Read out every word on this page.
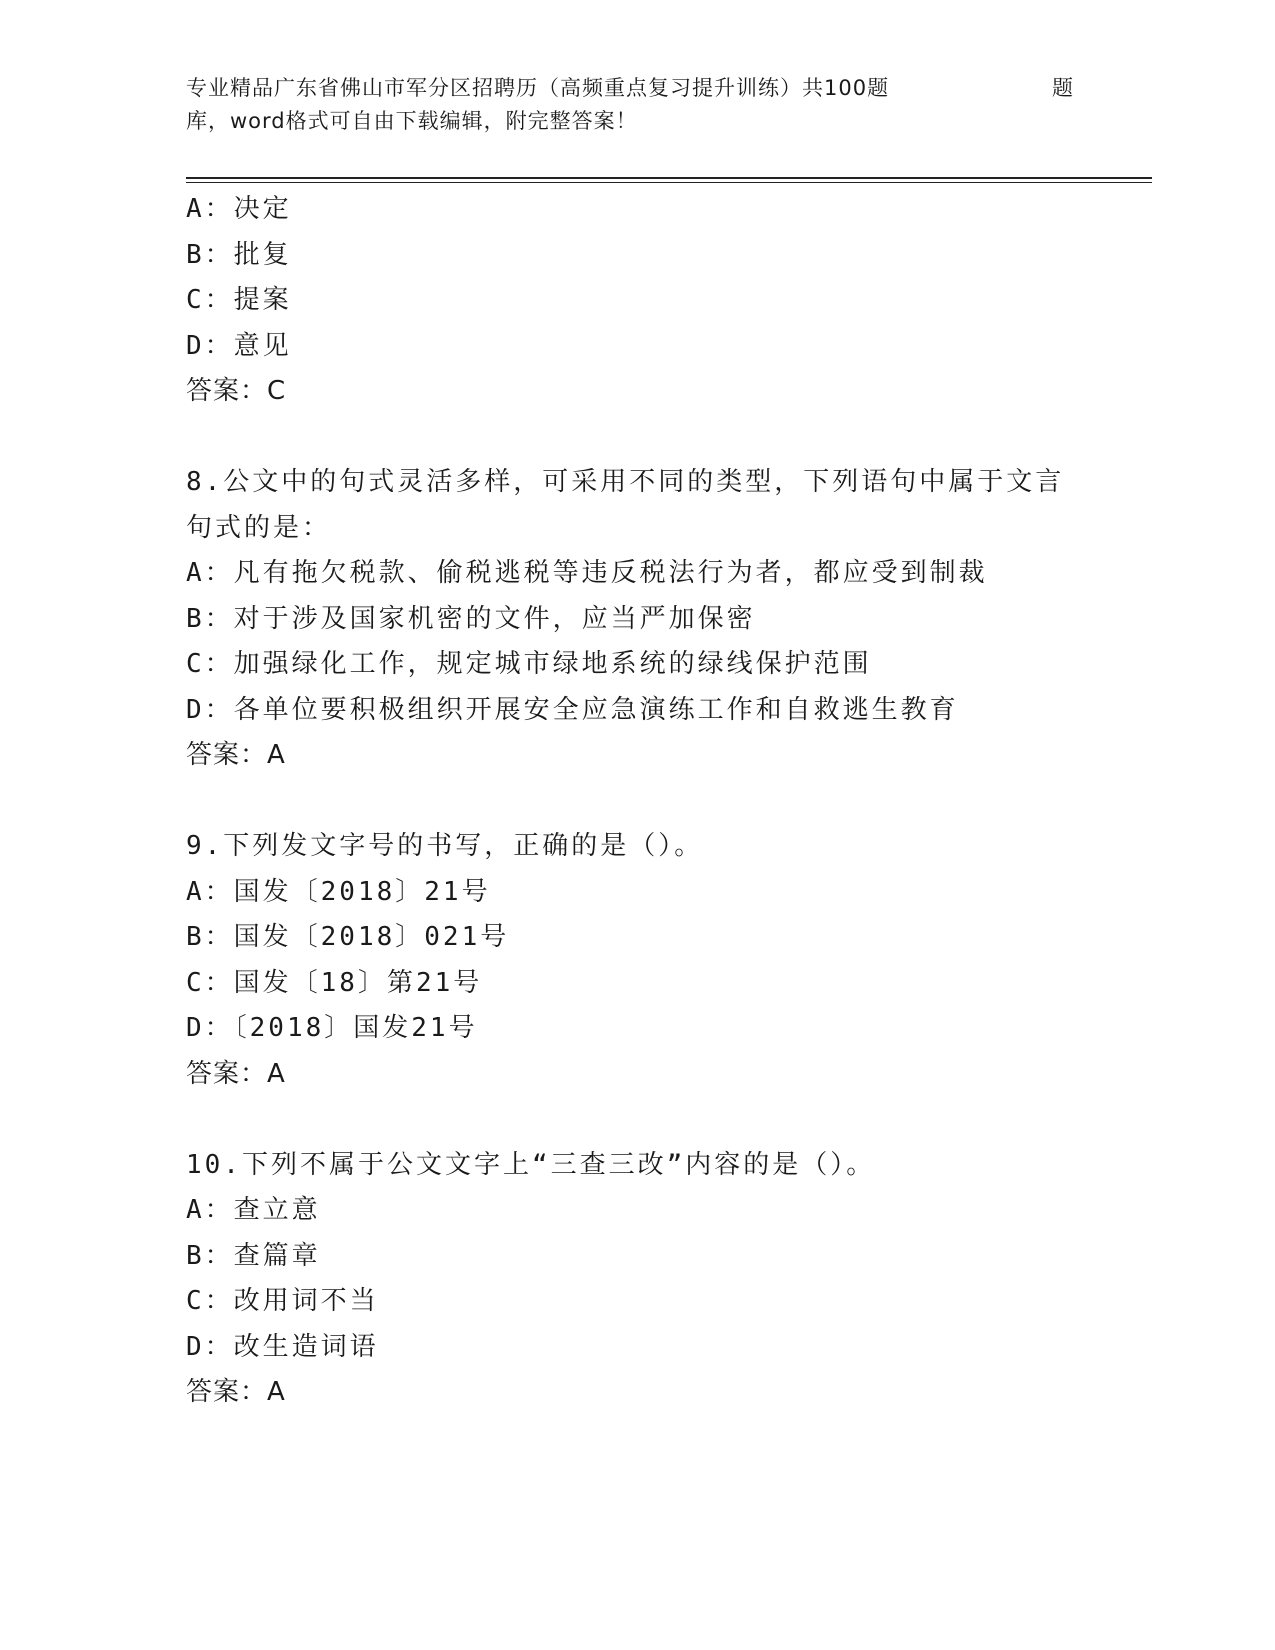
专业精品广东省佛山市军分区招聘历（高频重点复习提升训练）共100题
库，word格式可自由下载编辑，附完整答案！
题
A：决定
B：批复
C：提案
D：意见
答案：C
8.公文中的句式灵活多样，可采用不同的类型，下列语句中属于文言
句式的是：
A：凡有拖欠税款、偷税逃税等违反税法行为者，都应受到制裁
B：对于涉及国家机密的文件，应当严加保密
C：加强绿化工作，规定城市绿地系统的绿线保护范围
D：各单位要积极组织开展安全应急演练工作和自救逃生教育
答案：A
9.下列发文字号的书写，正确的是（）。
A：国发〔2018〕21号
B：国发〔2018〕021号
C：国发〔18〕第21号
D：〔2018〕国发21号
答案：A
10.下列不属于公文文字上“三查三改”内容的是（）。
A：查立意
B：查篇章
C：改用词不当
D：改生造词语
答案：A
